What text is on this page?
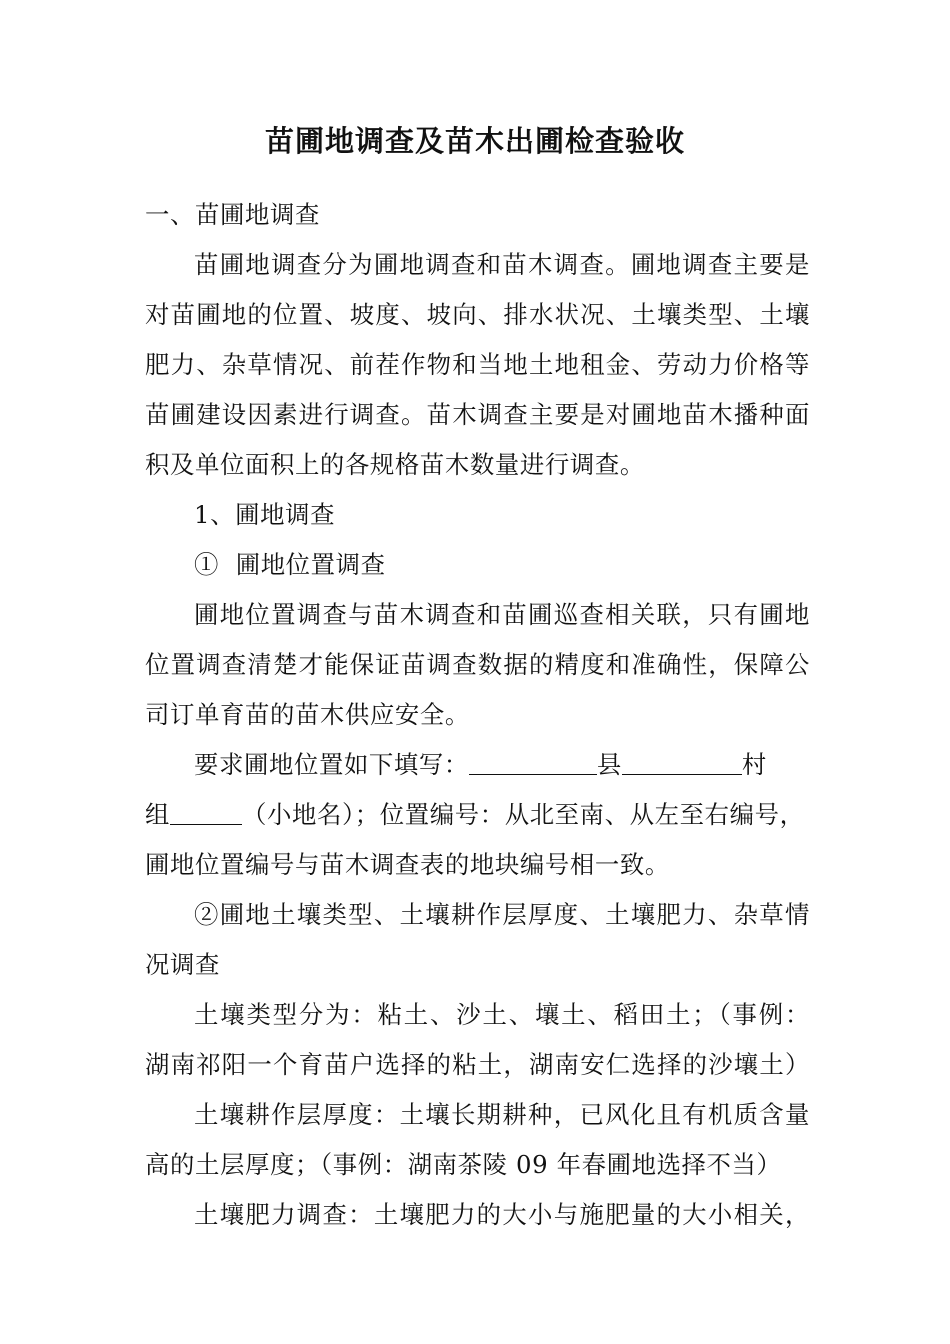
苗圃地调查及苗木出圃检查验收
一、苗圃地调查
苗圃地调查分为圃地调查和苗木调查。圃地调查主要是
对苗圃地的位置、坡度、坡向、排水状况、土壤类型、土壤
肥力、杂草情况、前茬作物和当地土地租金、劳动力价格等
苗圃建设因素进行调查。苗木调查主要是对圃地苗木播种面
积及单位面积上的各规格苗木数量进行调查。
1、圃地调查
①  圃地位置调查
圃地位置调查与苗木调查和苗圃巡查相关联，只有圃地
位置调查清楚才能保证苗调查数据的精度和准确性，保障公
司订单育苗的苗木供应安全。
要求圃地位置如下填写：	县	村
组	（小地名）；位置编号：从北至南、从左至右编号，
圃地位置编号与苗木调查表的地块编号相一致。
②圃地土壤类型、土壤耕作层厚度、土壤肥力、杂草情
况调查
土壤类型分为：粘土、沙土、壤土、稻田土；（事例：
湖南祁阳一个育苗户选择的粘土，湖南安仁选择的沙壤土）
土壤耕作层厚度：土壤长期耕种，已风化且有机质含量
高的土层厚度；（事例：湖南茶陵 09 年春圃地选择不当）
土壤肥力调查：土壤肥力的大小与施肥量的大小相关，
